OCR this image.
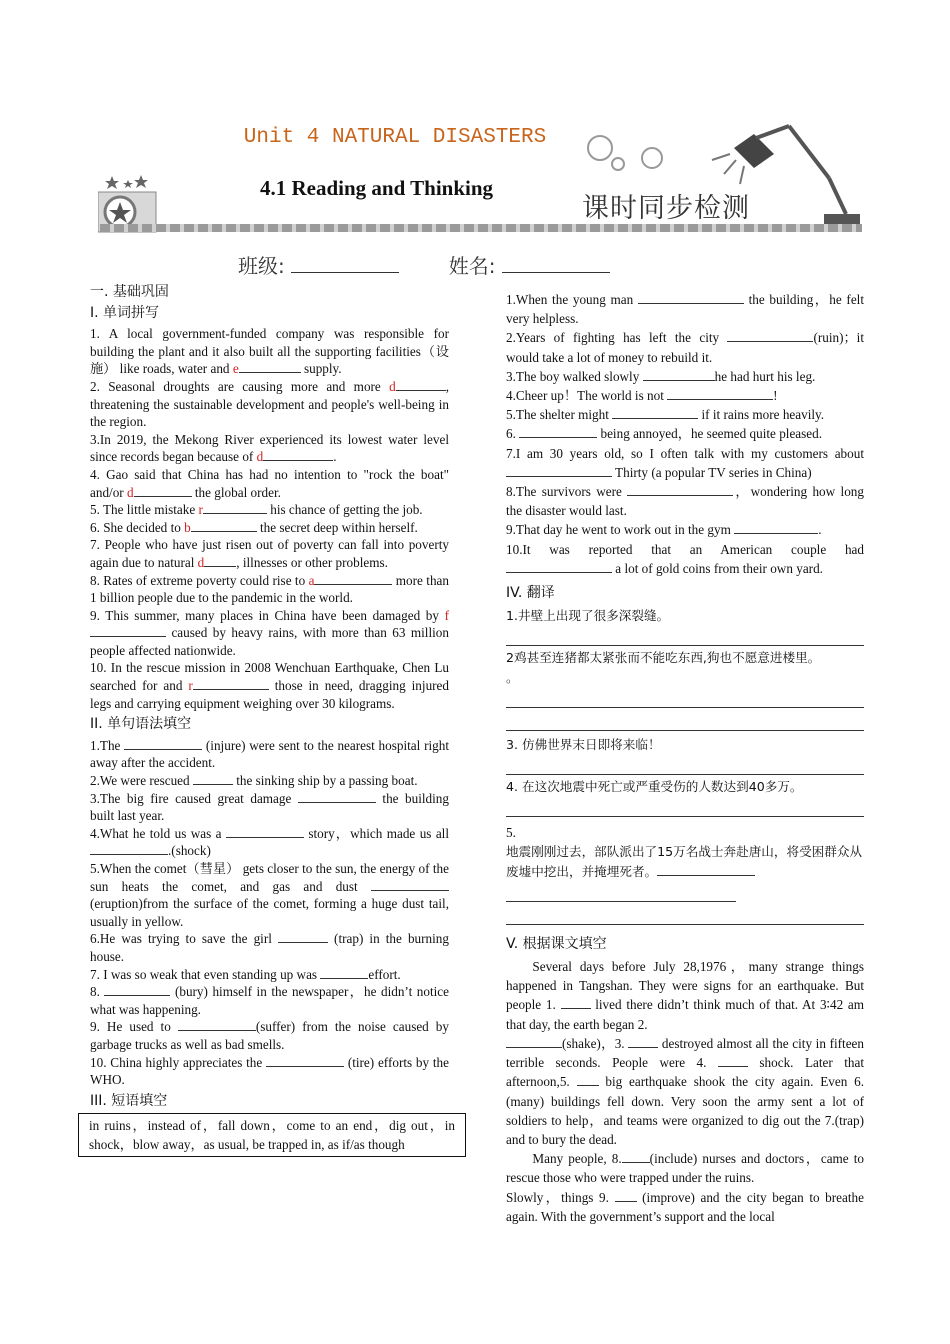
Unit 4 NATURAL DISASTERS
4.1 Reading and Thinking
课时同步检测
班级:	姓名:
一. 基础巩固
I. 单词拼写

1. A local government-funded company was responsible for building the plant and it also built all the supporting facilities（设施） like roads, water and e	supply.

2. Seasonal droughts are causing more and more d	, threatening the sustainable development and people's well-being in the region.

3.In 2019, the Mekong River experienced its lowest water level since records began because of d	.

4. Gao said that China has had no intention to "rock the boat" and/or d	the global order.

5. The little mistake r	his chance of getting the job.

6. She decided to b	the secret deep within herself.

7. People who have just risen out of poverty can fall into poverty again due to natural d , illnesses or other problems.

8. Rates of extreme poverty could rise to a	more than 1 billion people due to the pandemic in the world.

9. This summer, many places in China have been damaged by f caused by heavy rains, with more than 63 million people affected nationwide.

10. In the rescue mission in 2008 Wenchuan Earthquake, Chen Lu searched for and r	those in need, dragging injured legs and carrying equipment weighing over 30 kilograms.

II. 单句语法填空

1.The	(injure) were sent to the nearest hospital right away after the accident.

2.We were rescued	the sinking ship by a passing boat.

3.The big fire caused great damage	the building built last year.

4.What he told us was a	story，which made us all.(shock)

5.When the comet（彗星） gets closer to the sun, the energy of the sun heats the comet, and gas and dust  (eruption)from the surface of the comet, forming a huge dust tail, usually in yellow.

6.He was trying to save the girl	(trap) in the burning house.

7. I was so weak that even standing up was	effort.

8.	(bury) himself in the newspaper，he didn’t notice what was happening.

9. He used to	(suffer) from the noise caused by garbage trucks as well as bad smells.

10. China highly appreciates the	(tire) efforts by the WHO.

III. 短语填空
in ruins，instead of，fall down，come to an end，dig out，in shock，blow away，as usual, be trapped in, as if/as though

1.When the young man	the building，he felt very helpless.

2.Years of fighting has left the city	(ruin)；it would take a lot of money to rebuild it.

3.The boy walked slowly	he had hurt his leg.

4.Cheer up！The world is not	!

5.The shelter might	if it rains more heavily.

6.	being annoyed，he seemed quite pleased.

7.I am 30 years old, so I often talk with my customers about  Thirty (a popular TV series in China)

8.The survivors were	，wondering how long the disaster would last.

9.That day he went to work out in the gym	.

10.It was reported that an American couple had  a lot of gold coins from their own yard.

IV. 翻译
1.井壁上出现了很多深裂缝。
2鸡甚至连猪都太紧张而不能吃东西,狗也不愿意进楼里。
。
3. 仿佛世界末日即将来临！
4. 在这次地震中死亡或严重受伤的人数达到40多万。
5.
地震刚刚过去，部队派出了15万名战士奔赴唐山，将受困群众从废墟中挖出，并掩埋死者。
V. 根据课文填空

Several days before July 28,1976，many strange things happened in Tangshan. They were signs for an earthquake. But people 1.  lived there didn’t think much of that. At 3∶42 am that day, the earth began 2.
(shake)，3.  destroyed almost all the city in fifteen terrible seconds. People were 4.  shock. Later that afternoon,5.  big earthquake shook the city again. Even 6.(many) buildings fell down. Very soon the army sent a lot of soldiers to help，and teams were organized to dig out the 7.(trap) and to bury the dead.

Many people, 8. (include) nurses and doctors，came to rescue those who were trapped under the ruins.

Slowly，things 9.  (improve) and the city began to breathe again. With the government’s support and the local
